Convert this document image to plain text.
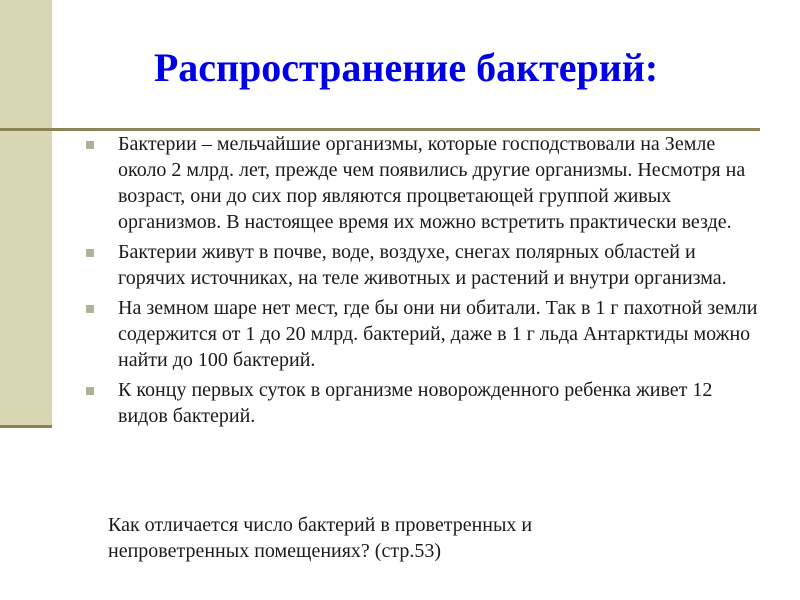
Распространение бактерий:
Бактерии – мельчайшие организмы, которые господствовали на Земле около 2 млрд. лет, прежде чем появились другие организмы. Несмотря на возраст, они до сих пор являются процветающей группой живых организмов. В настоящее время их можно встретить практически везде.
Бактерии живут в почве, воде, воздухе, снегах полярных областей и горячих источниках, на теле животных и растений и внутри организма.
На земном шаре нет мест, где бы они ни обитали. Так в 1 г пахотной земли содержится от 1 до 20 млрд. бактерий, даже в 1 г льда Антарктиды можно найти до 100 бактерий.
К концу первых суток в организме новорожденного ребенка живет 12 видов бактерий.

Как отличается число бактерий в проветренных и непроветренных помещениях? (стр.53)
